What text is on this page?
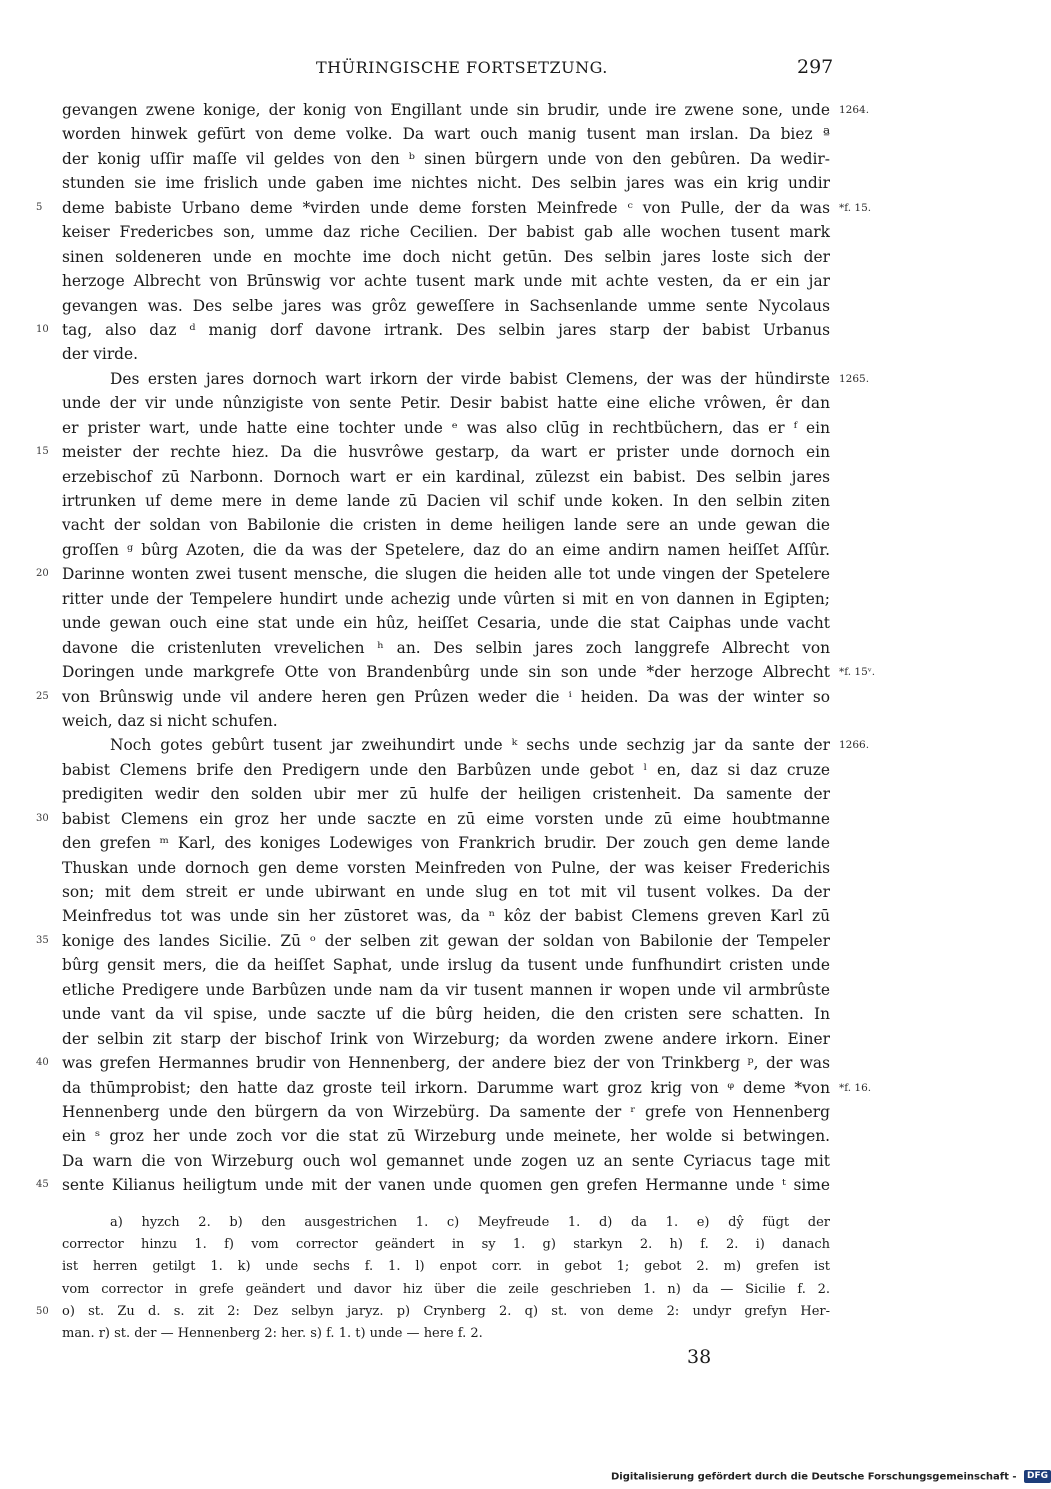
THÜRINGISCHE FORTSETZUNG.	297
gevangen zwene konige, der konig von Engillant unde sin brudir, unde ire zwene sone, unde 1264.
worden hinwek gefūrt von deme volke. Da wart ouch manig tusent man irslan. Da biez ª
der konig uſſir maſſe vil geldes von den ᵇ sinen bürgern unde von den gebûren. Da wedir-
stunden sie ime frislich unde gaben ime nichtes nicht. Des selbin jares was ein krig undir
5	deme babiste Urbano deme *virden unde deme forsten Meinfrede ᶜ von Pulle, der da was *f. 15.
keiser Fredericbes son, umme daz riche Cecilien. Der babist gab alle wochen tusent mark
sinen soldeneren unde en mochte ime doch nicht getūn. Des selbin jares loste sich der
herzoge Albrecht von Brūnswig vor achte tusent mark unde mit achte vesten, da er ein jar
gevangen was. Des selbe jares was grôz geweſſere in Sachsenlande umme sente Nycolaus
10 tag, also daz ᵈ manig dorf davone irtrank. Des selbin jares starp der babist Urbanus
der virde.
Des ersten jares dornoch wart irkorn der virde babist Clemens, der was der hündirste 1265.
unde der vir unde nûnzigiste von sente Petir. Desir babist hatte eine eliche vrôwen, êr dan
er prister wart, unde hatte eine tochter unde ᵉ was also clūg in rechtbüchern, das er ᶠ ein
15 meister der rechte hiez. Da die husvrôwe gestarp, da wart er prister unde dornoch ein
erzebischof zū Narbonn. Dornoch wart er ein kardinal, zūlezst ein babist. Des selbin jares
irtrunken uf deme mere in deme lande zū Dacien vil schif unde koken. In den selbin ziten
vacht der soldan von Babilonie die cristen in deme heiligen lande sere an unde gewan die
groſſen ᵍ bûrg Azoten, die da was der Spetelere, daz do an eime andirn namen heiſſet Aſſûr.
20 Darinne wonten zwei tusent mensche, die slugen die heiden alle tot unde vingen der Spetelere
ritter unde der Tempelere hundirt unde achezig unde vûrten si mit en von dannen in Egipten;
unde gewan ouch eine stat unde ein hûz, heiſſet Cesaria, unde die stat Caiphas unde vacht
davone die cristenluten vrevelichen ʰ an. Des selbin jares zoch langgrefe Albrecht von
Doringen unde markgrefe Otte von Brandenbûrg unde sin son unde *der herzoge Albrecht *f. 15ᵛ.
25 von Brûnswig unde vil andere heren gen Prûzen weder die ⁱ heiden. Da was der winter so
weich, daz si nicht schufen.
Noch gotes gebûrt tusent jar zweihundirt unde ᵏ sechs unde sechzig jar da sante der 1266.
babist Clemens brife den Predigern unde den Barbûzen unde gebot ˡ en, daz si daz cruze
predigiten wedir den solden ubir mer zū hulfe der heiligen cristenheit. Da samente der
30 babist Clemens ein groz her unde saczte en zū eime vorsten unde zū eime houbtmanne
den grefen ᵐ Karl, des koniges Lodewiges von Frankrich brudir. Der zouch gen deme lande
Thuskan unde dornoch gen deme vorsten Meinfreden von Pulne, der was keiser Frederichis
son; mit dem streit er unde ubirwant en unde slug en tot mit vil tusent volkes. Da der
Meinfredus tot was unde sin her zūstoret was, da ⁿ kôz der babist Clemens greven Karl zū
35 konige des landes Sicilie. Zū ᵒ der selben zit gewan der soldan von Babilonie der Tempeler
bûrg gensit mers, die da heiſſet Saphat, unde irslug da tusent unde funfhundirt cristen unde
etliche Predigere unde Barbûzen unde nam da vir tusent mannen ir wopen unde vil armbrûste
unde vant da vil spise, unde saczte uf die bûrg heiden, die den cristen sere schatten. In
der selbin zit starp der bischof Irink von Wirzeburg; da worden zwene andere irkorn. Einer
40 was grefen Hermannes brudir von Hennenberg, der andere biez der von Trinkberg ᵖ, der was
da thūmprobist; den hatte daz groste teil irkorn. Darumme wart groz krig von ᵠ deme *von *f. 16.
Hennenberg unde den bürgern da von Wirzebürg. Da samente der ʳ grefe von Hennenberg
ein ˢ groz her unde zoch vor die stat zū Wirzeburg unde meinete, her wolde si betwingen.
Da warn die von Wirzeburg ouch wol gemannet unde zogen uz an sente Cyriacus tage mit
45 sente Kilianus heiligtum unde mit der vanen unde quomen gen grefen Hermanne unde ᵗ sime
a) hyzch 2. b) den ausgestrichen 1. c) Meyfreude 1. d) da 1. e) dŷ fügt der
corrector hinzu 1. f) vom corrector geändert in sy 1. g) starkyn 2. h) f. 2. i) danach
ist herren getilgt 1. k) unde sechs f. 1. l) enpot corr. in gebot 1; gebot 2. m) grefen ist
vom corrector in grefe geändert und davor hiz über die zeile geschrieben 1. n) da — Sicilie f. 2.
50 o) st. Zu d. s. zit 2: Dez selbyn jaryz. p) Crynberg 2. q) st. von deme 2: undyr grefyn Her-
man. r) st. der — Hennenberg 2: her. s) f. 1. t) unde — here f. 2.
38
Digitalisierung gefördert durch die Deutsche Forschungsgemeinschaft - DFG
